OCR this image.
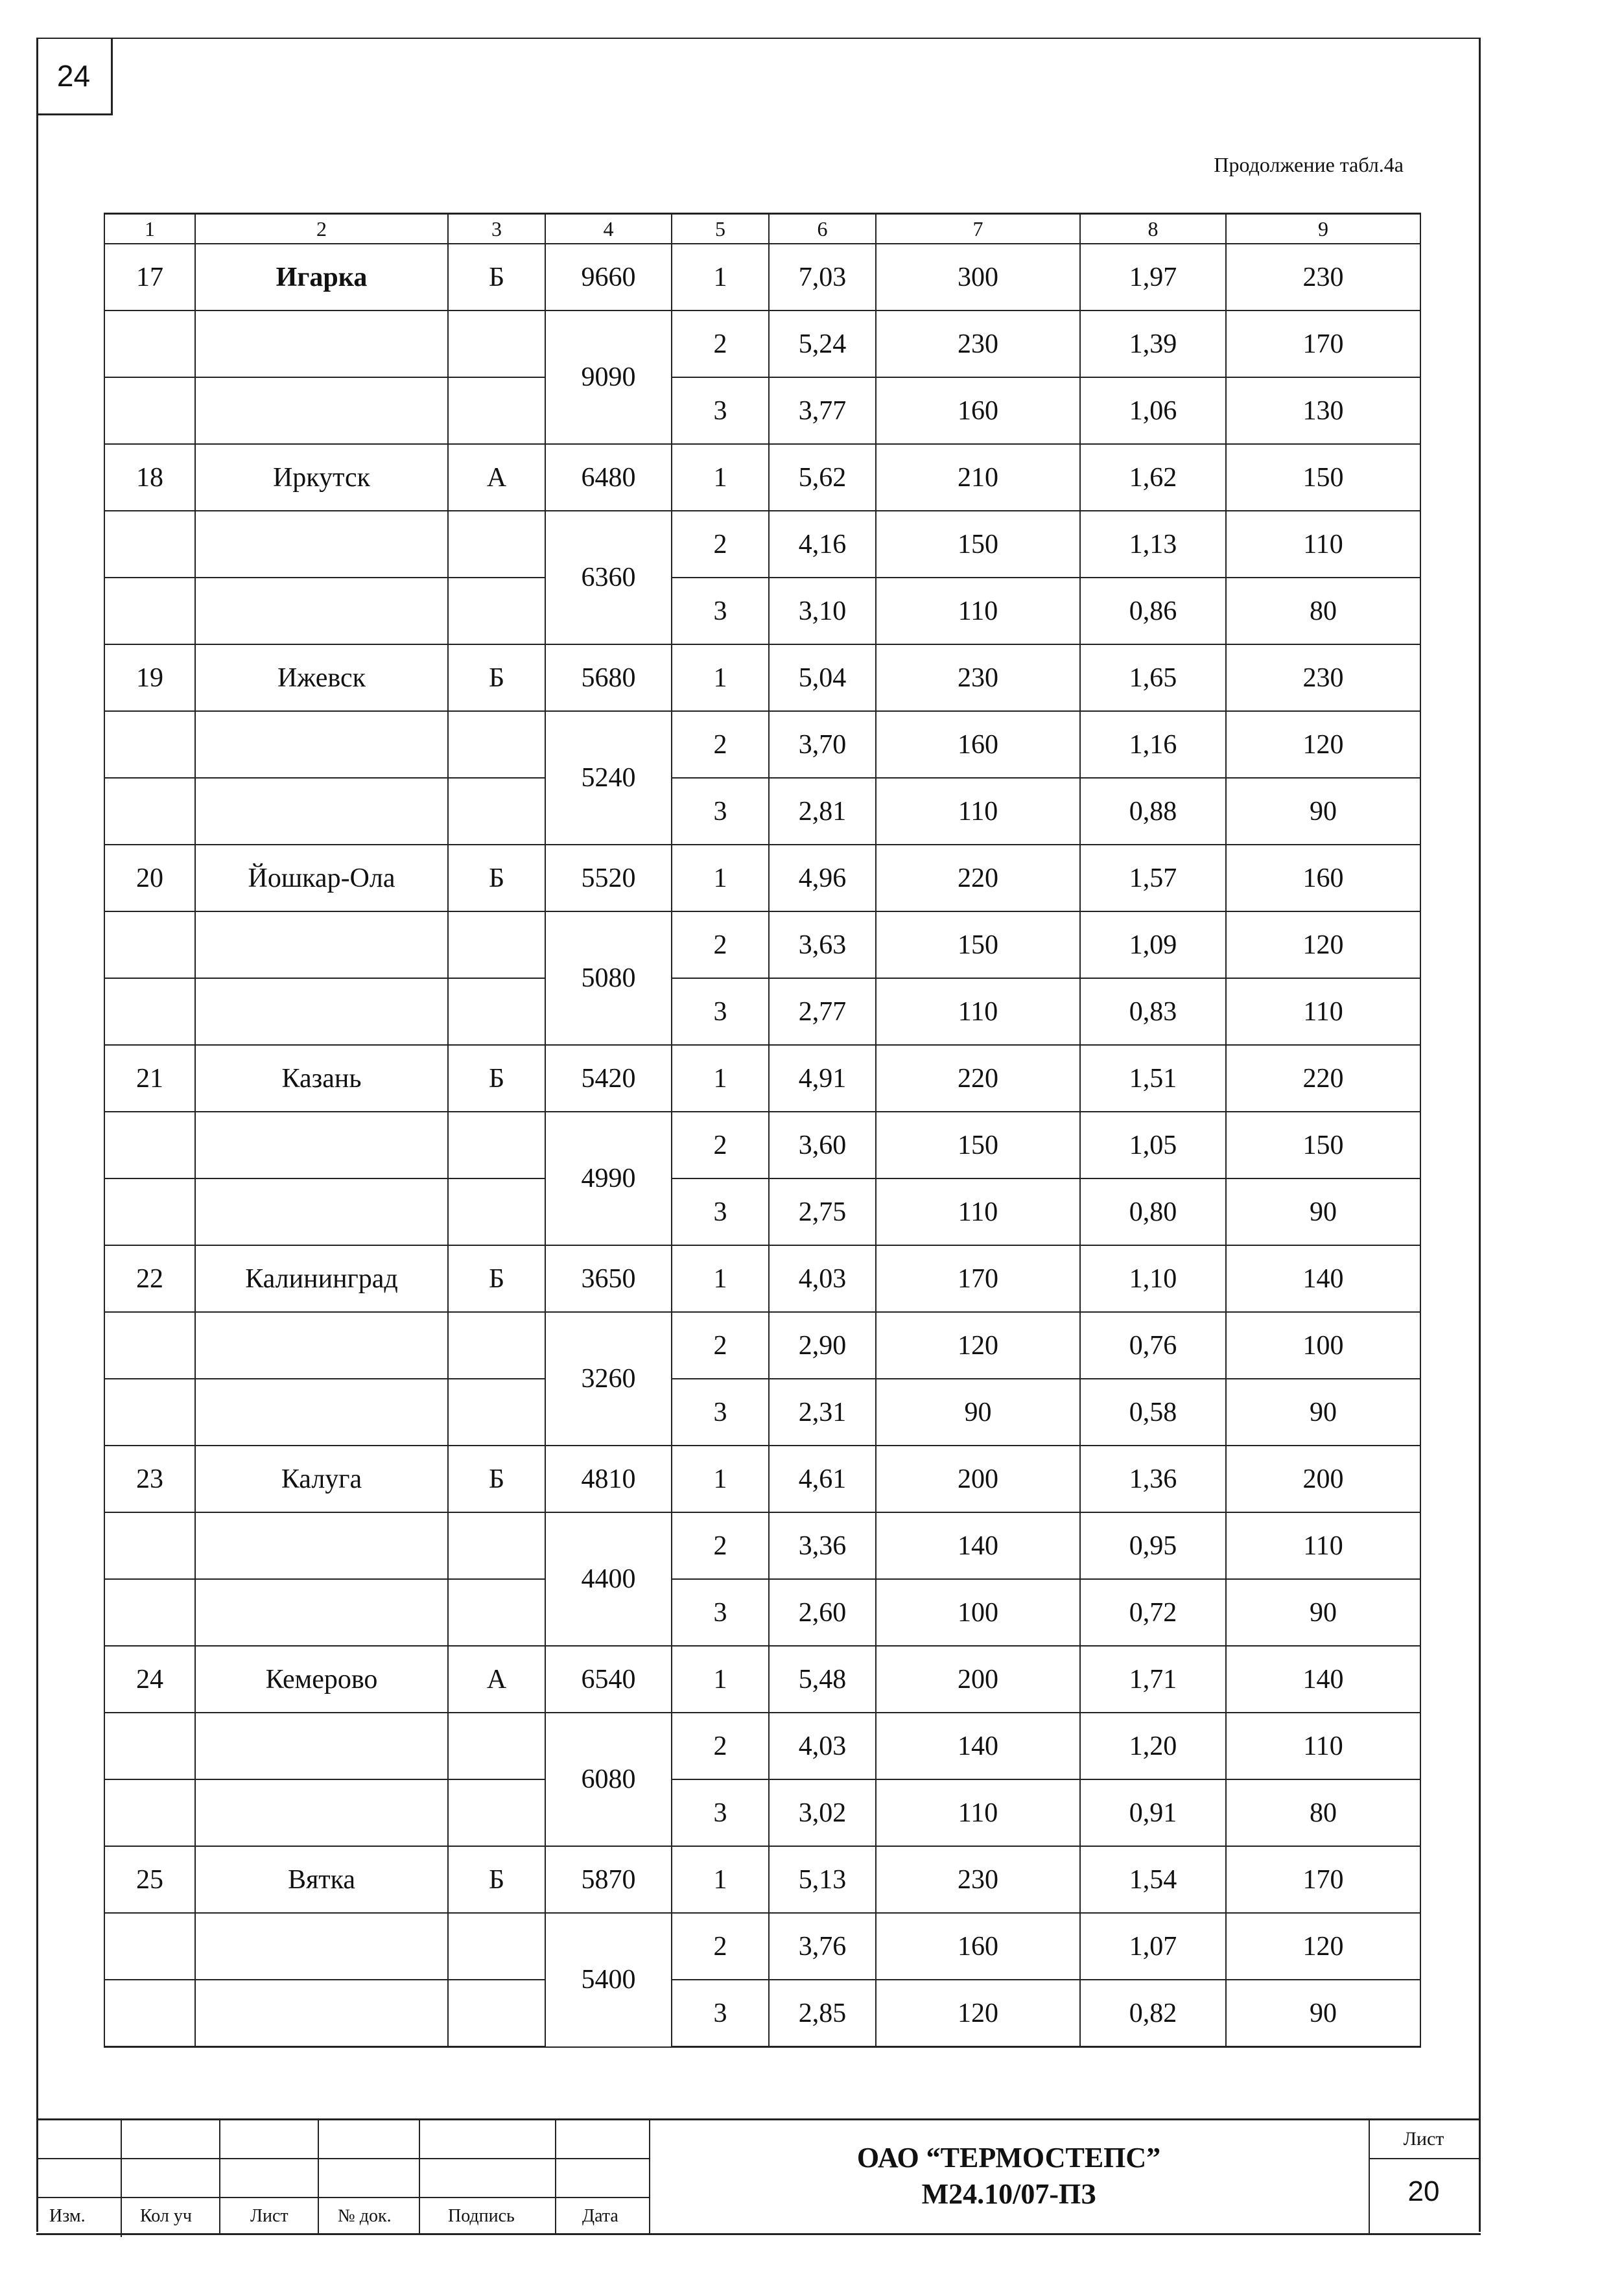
24
Продолжение табл.4а
1	2	3	4	5	6	7	8	9
17	Игарка	Б	9660	1	7,03	300	1,97	230
			9090	2	5,24	230	1,39	170
				3	3,77	160	1,06	130
18	Иркутск	А	6480	1	5,62	210	1,62	150
			6360	2	4,16	150	1,13	110
				3	3,10	110	0,86	80
19	Ижевск	Б	5680	1	5,04	230	1,65	230
			5240	2	3,70	160	1,16	120
				3	2,81	110	0,88	90
20	Йошкар-Ола	Б	5520	1	4,96	220	1,57	160
			5080	2	3,63	150	1,09	120
				3	2,77	110	0,83	110
21	Казань	Б	5420	1	4,91	220	1,51	220
			4990	2	3,60	150	1,05	150
				3	2,75	110	0,80	90
22	Калининград	Б	3650	1	4,03	170	1,10	140
			3260	2	2,90	120	0,76	100
				3	2,31	90	0,58	90
23	Калуга	Б	4810	1	4,61	200	1,36	200
			4400	2	3,36	140	0,95	110
				3	2,60	100	0,72	90
24	Кемерово	А	6540	1	5,48	200	1,71	140
			6080	2	4,03	140	1,20	110
				3	3,02	110	0,91	80
25	Вятка	Б	5870	1	5,13	230	1,54	170
			5400	2	3,76	160	1,07	120
				3	2,85	120	0,82	90
Изм.	Кол уч	Лист	№ док.	Подпись	Дата
ОАО “ТЕРМОСТЕПС”
М24.10/07-ПЗ
Лист
20
